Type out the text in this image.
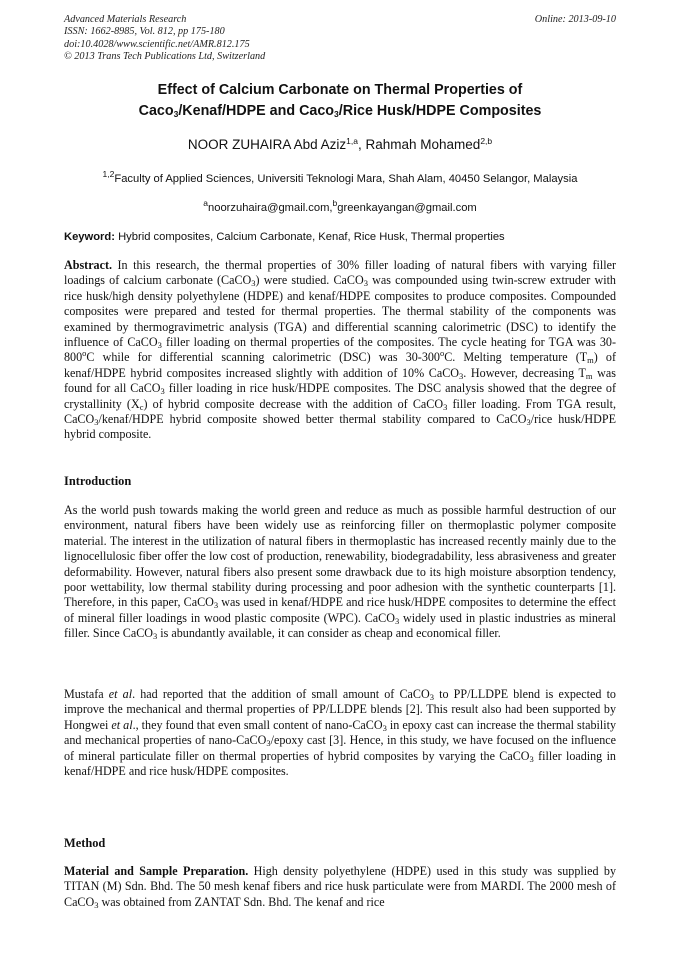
Advanced Materials Research
ISSN: 1662-8985, Vol. 812, pp 175-180
doi:10.4028/www.scientific.net/AMR.812.175
© 2013 Trans Tech Publications Ltd, Switzerland
Online: 2013-09-10
Effect of Calcium Carbonate on Thermal Properties of
Caco$_3$/Kenaf/HDPE and Caco$_3$/Rice Husk/HDPE Composites
NOOR ZUHAIRA Abd Aziz$^{1,a}$, Rahmah Mohamed$^{2,b}$
$^{1,2}$Faculty of Applied Sciences, Universiti Teknologi Mara, Shah Alam, 40450 Selangor, Malaysia
$^a$noorzuhaira@gmail.com,$^b$greenkayangan@gmail.com
Keyword: Hybrid composites, Calcium Carbonate, Kenaf, Rice Husk, Thermal properties
Abstract. In this research, the thermal properties of 30% filler loading of natural fibers with varying filler loadings of calcium carbonate (CaCO$_3$) were studied. CaCO$_3$ was compounded using twin-screw extruder with rice husk/high density polyethylene (HDPE) and kenaf/HDPE composites to produce composites. Compounded composites were prepared and tested for thermal properties. The thermal stability of the components was examined by thermogravimetric analysis (TGA) and differential scanning calorimetric (DSC) to identify the influence of CaCO$_3$ filler loading on thermal properties of the composites. The cycle heating for TGA was 30-800$^o$C while for differential scanning calorimetric (DSC) was 30-300$^o$C. Melting temperature $(T_m)$ of kenaf/HDPE hybrid composites increased slightly with addition of 10% CaCO$_3$. However, decreasing $T_m$ was found for all CaCO$_3$ filler loading in rice husk/HDPE composites. The DSC analysis showed that the degree of crystallinity $(X_c)$ of hybrid composite decrease with the addition of CaCO$_3$ filler loading. From TGA result, CaCO$_3$/kenaf/HDPE hybrid composite showed better thermal stability compared to CaCO$_3$/rice husk/HDPE hybrid composite.
Introduction
As the world push towards making the world green and reduce as much as possible harmful destruction of our environment, natural fibers have been widely use as reinforcing filler on thermoplastic polymer composite material. The interest in the utilization of natural fibers in thermoplastic has increased recently mainly due to the lignocellulosic fiber offer the low cost of production, renewability, biodegradability, less abrasiveness and greater deformability. However, natural fibers also present some drawback due to its high moisture absorption tendency, poor wettability, low thermal stability during processing and poor adhesion with the synthetic counterparts [1]. Therefore, in this paper, CaCO$_3$ was used in kenaf/HDPE and rice husk/HDPE composites to determine the effect of mineral filler loadings in wood plastic composite (WPC). CaCO$_3$ widely used in plastic industries as mineral filler. Since CaCO$_3$ is abundantly available, it can consider as cheap and economical filler.
Mustafa et al. had reported that the addition of small amount of CaCO$_3$ to PP/LLDPE blend is expected to improve the mechanical and thermal properties of PP/LLDPE blends [2]. This result also had been supported by Hongwei et al., they found that even small content of nano-CaCO$_3$ in epoxy cast can increase the thermal stability and mechanical properties of nano-CaCO$_3$/epoxy cast [3]. Hence, in this study, we have focused on the influence of mineral particulate filler on thermal properties of hybrid composites by varying the CaCO$_3$ filler loading in kenaf/HDPE and rice husk/HDPE composites.
Method
Material and Sample Preparation. High density polyethylene (HDPE) used in this study was supplied by TITAN (M) Sdn. Bhd. The 50 mesh kenaf fibers and rice husk particulate were from MARDI. The 2000 mesh of CaCO$_3$ was obtained from ZANTAT Sdn. Bhd. The kenaf and rice
